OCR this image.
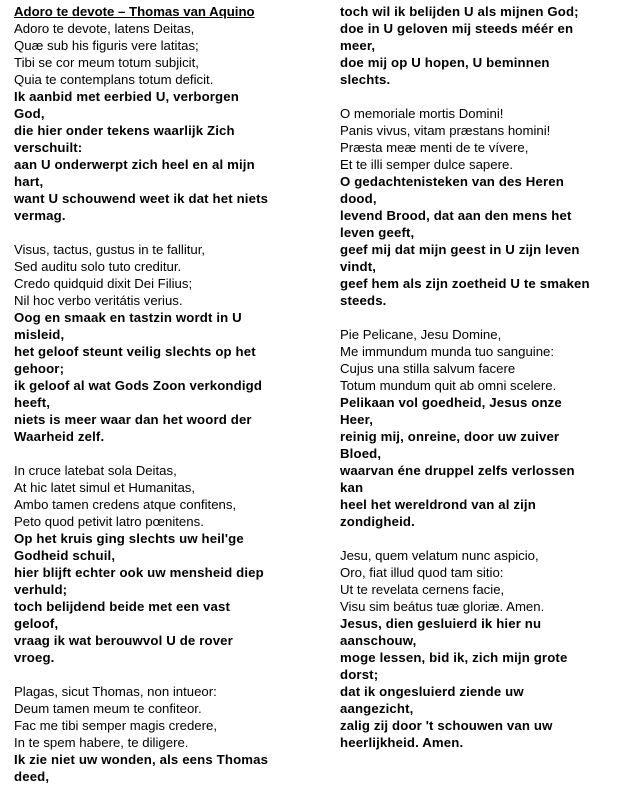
Adoro te devote – Thomas van Aquino
Adoro te devote, latens Deitas,
Quæ sub his figuris vere latitas;
Tibi se cor meum totum subjicit,
Quia te contemplans totum deficit.
Ik aanbid met eerbied U, verborgen
God,
die hier onder tekens waarlijk Zich
verschuilt:
aan U onderwerpt zich heel en al mijn
hart,
want U schouwend weet ik dat het niets
vermag.
Visus, tactus, gustus in te fallitur,
Sed auditu solo tuto creditur.
Credo quidquid dixit Dei Filius;
Nil hoc verbo veritátis verius.
Oog en smaak en tastzin wordt in U
misleid,
het geloof steunt veilig slechts op het
gehoor;
ik geloof al wat Gods Zoon verkondigd
heeft,
niets is meer waar dan het woord der
Waarheid zelf.
In cruce latebat sola Deitas,
At hic latet simul et Humanitas,
Ambo tamen credens atque confitens,
Peto quod petivit latro pœnitens.
Op het kruis ging slechts uw heil'ge
Godheid schuil,
hier blijft echter ook uw mensheid diep
verhuld;
toch belijdend beide met een vast
geloof,
vraag ik wat berouwvol U de rover
vroeg.
Plagas, sicut Thomas, non intueor:
Deum tamen meum te confiteor.
Fac me tibi semper magis credere,
In te spem habere, te diligere.
Ik zie niet uw wonden, als eens Thomas
deed,
toch wil ik belijden U als mijnen God;
doe in U geloven mij steeds méér en
meer,
doe mij op U hopen, U beminnen
slechts.
O memoriale mortis Domini!
Panis vivus, vitam præstans homini!
Præsta meæ menti de te vívere,
Et te illi semper dulce sapere.
O gedachtenisteken van des Heren
dood,
levend Brood, dat aan den mens het
leven geeft,
geef mij dat mijn geest in U zijn leven
vindt,
geef hem als zijn zoetheid U te smaken
steeds.
Pie Pelicane, Jesu Domine,
Me immundum munda tuo sanguine:
Cujus una stilla salvum facere
Totum mundum quit ab omni scelere.
Pelikaan vol goedheid, Jesus onze
Heer,
reinig mij, onreine, door uw zuiver
Bloed,
waarvan éne druppel zelfs verlossen
kan
heel het wereldrond van al zijn
zondigheid.
Jesu, quem velatum nunc aspicio,
Oro, fiat illud quod tam sitio:
Ut te revelata cernens facie,
Visu sim beátus tuæ gloriæ. Amen.
Jesus, dien gesluierd ik hier nu
aanschouw,
moge lessen, bid ik, zich mijn grote
dorst;
dat ik ongesluierd ziende uw
aangezicht,
zalig zij door 't schouwen van uw
heerlijkheid. Amen.
